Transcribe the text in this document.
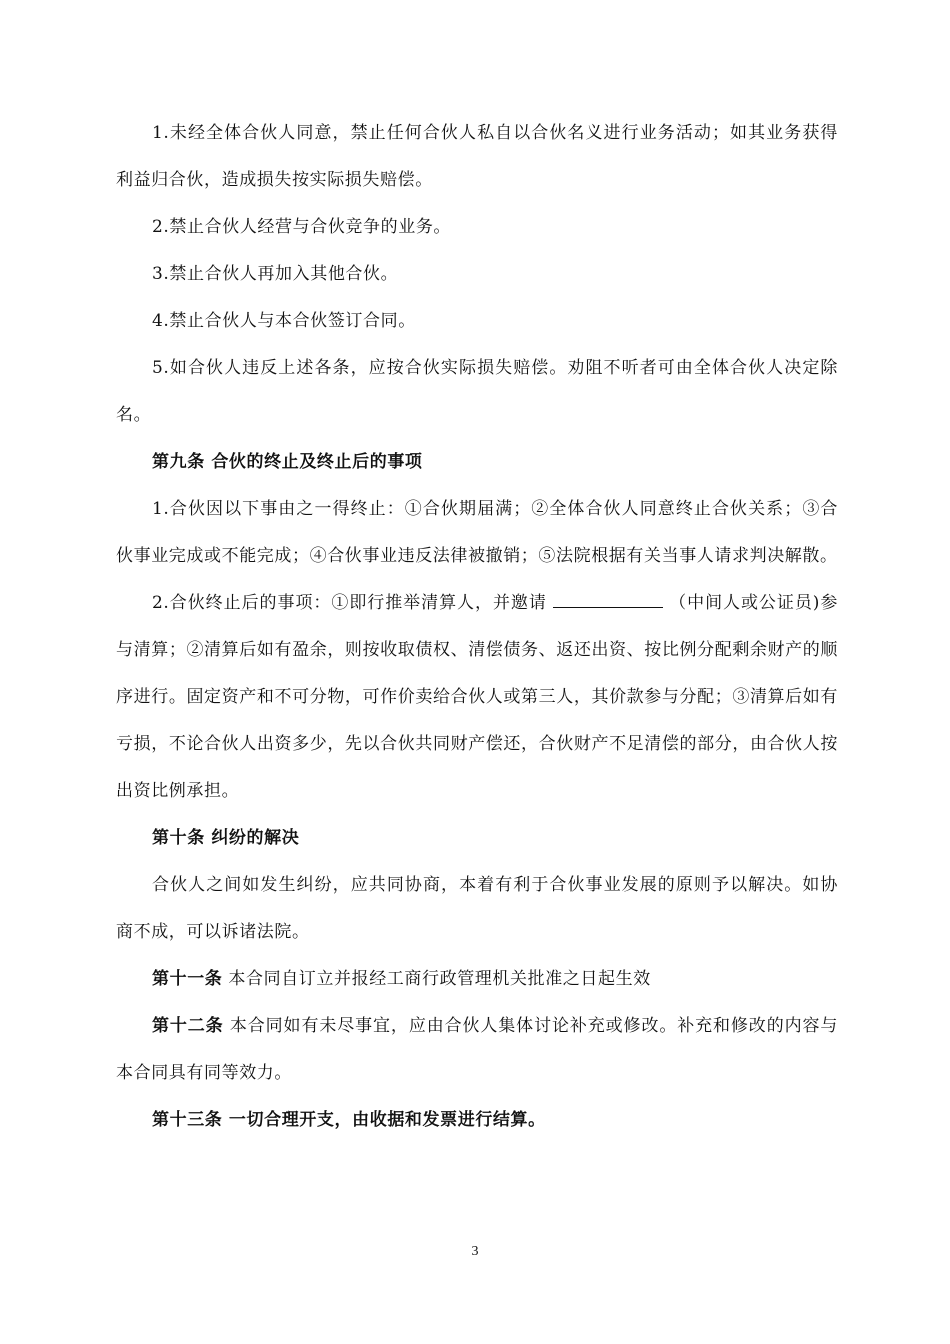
1.未经全体合伙人同意，禁止任何合伙人私自以合伙名义进行业务活动；如其业务获得利益归合伙，造成损失按实际损失赔偿。

2.禁止合伙人经营与合伙竞争的业务。

3.禁止合伙人再加入其他合伙。

4.禁止合伙人与本合伙签订合同。

5.如合伙人违反上述各条，应按合伙实际损失赔偿。劝阻不听者可由全体合伙人决定除名。

第九条 合伙的终止及终止后的事项

1.合伙因以下事由之一得终止：①合伙期届满；②全体合伙人同意终止合伙关系；③合伙事业完成或不能完成；④合伙事业违反法律被撤销；⑤法院根据有关当事人请求判决解散。

2.合伙终止后的事项：①即行推举清算人，并邀请	（中间人或公证员)参与清算；②清算后如有盈余，则按收取债权、清偿债务、返还出资、按比例分配剩余财产的顺序进行。固定资产和不可分物，可作价卖给合伙人或第三人，其价款参与分配；③清算后如有亏损，不论合伙人出资多少，先以合伙共同财产偿还，合伙财产不足清偿的部分，由合伙人按出资比例承担。

第十条 纠纷的解决

合伙人之间如发生纠纷，应共同协商，本着有利于合伙事业发展的原则予以解决。如协商不成，可以诉诸法院。

第十一条 本合同自订立并报经工商行政管理机关批准之日起生效

第十二条 本合同如有未尽事宜，应由合伙人集体讨论补充或修改。补充和修改的内容与本合同具有同等效力。

第十三条 一切合理开支，由收据和发票进行结算。

3
